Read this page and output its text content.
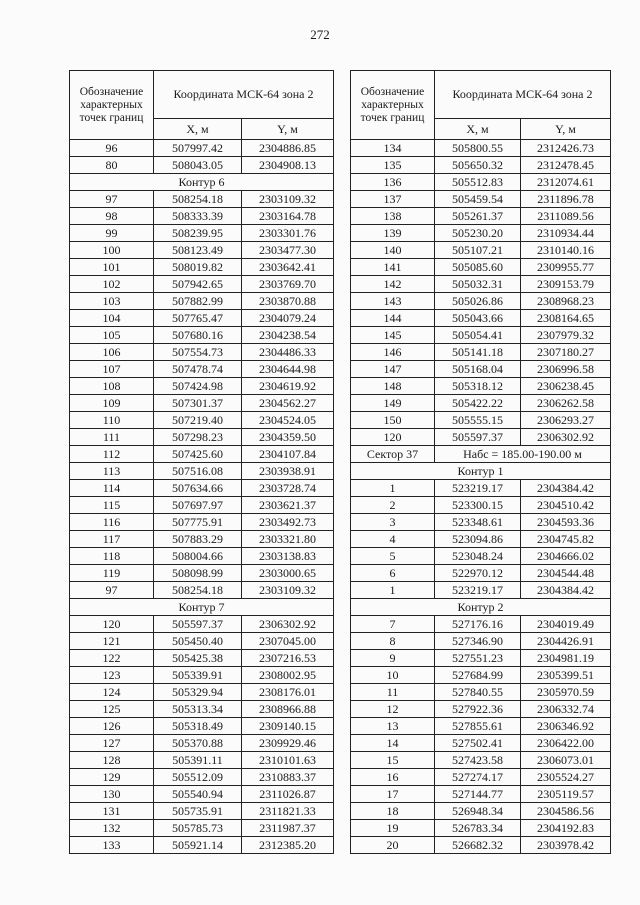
272
Обозначение характерных точек границ	Координата МСК-64 зона 2	
	X, м	Y, м
96	507997.42	2304886.85
80	508043.05	2304908.13
Контур 6		
97	508254.18	2303109.32
98	508333.39	2303164.78
99	508239.95	2303301.76
100	508123.49	2303477.30
101	508019.82	2303642.41
102	507942.65	2303769.70
103	507882.99	2303870.88
104	507765.47	2304079.24
105	507680.16	2304238.54
106	507554.73	2304486.33
107	507478.74	2304644.98
108	507424.98	2304619.92
109	507301.37	2304562.27
110	507219.40	2304524.05
111	507298.23	2304359.50
112	507425.60	2304107.84
113	507516.08	2303938.91
114	507634.66	2303728.74
115	507697.97	2303621.37
116	507775.91	2303492.73
117	507883.29	2303321.80
118	508004.66	2303138.83
119	508098.99	2303000.65
97	508254.18	2303109.32
Контур 7		
120	505597.37	2306302.92
121	505450.40	2307045.00
122	505425.38	2307216.53
123	505339.91	2308002.95
124	505329.94	2308176.01
125	505313.34	2308966.88
126	505318.49	2309140.15
127	505370.88	2309929.46
128	505391.11	2310101.63
129	505512.09	2310883.37
130	505540.94	2311026.87
131	505735.91	2311821.33
132	505785.73	2311987.37
133	505921.14	2312385.20
Обозначение характерных точек границ	Координата МСК-64 зона 2	
	X, м	Y, м
134	505800.55	2312426.73
135	505650.32	2312478.45
136	505512.83	2312074.61
137	505459.54	2311896.78
138	505261.37	2311089.56
139	505230.20	2310934.44
140	505107.21	2310140.16
141	505085.60	2309955.77
142	505032.31	2309153.79
143	505026.86	2308968.23
144	505043.66	2308164.65
145	505054.41	2307979.32
146	505141.18	2307180.27
147	505168.04	2306996.58
148	505318.12	2306238.45
149	505422.22	2306262.58
150	505555.15	2306293.27
120	505597.37	2306302.92
Сектор 37	Набс = 185.00-190.00 м	
Контур 1		
1	523219.17	2304384.42
2	523300.15	2304510.42
3	523348.61	2304593.36
4	523094.86	2304745.82
5	523048.24	2304666.02
6	522970.12	2304544.48
1	523219.17	2304384.42
Контур 2		
7	527176.16	2304019.49
8	527346.90	2304426.91
9	527551.23	2304981.19
10	527684.99	2305399.51
11	527840.55	2305970.59
12	527922.36	2306332.74
13	527855.61	2306346.92
14	527502.41	2306422.00
15	527423.58	2306073.01
16	527274.17	2305524.27
17	527144.77	2305119.57
18	526948.34	2304586.56
19	526783.34	2304192.83
20	526682.32	2303978.42
